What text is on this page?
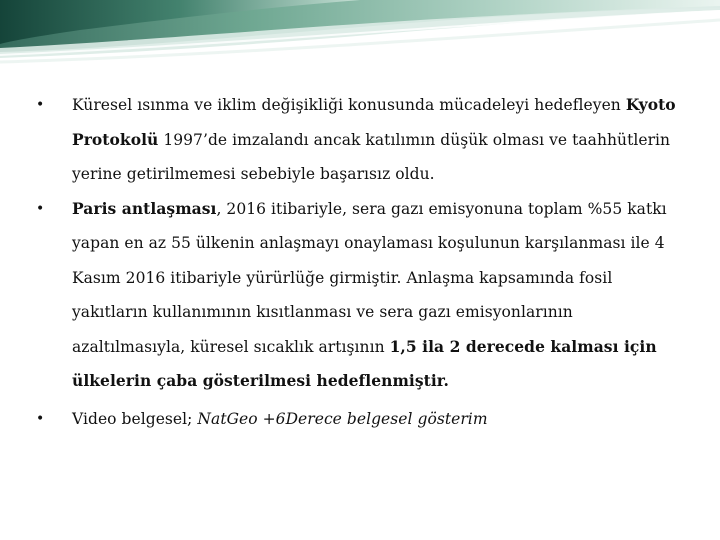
•	Küresel ısınma ve iklim değişikliği konusunda mücadeleyi hedefleyen Kyoto Protokolü 1997’de imzalandı ancak katılımın düşük olması ve taahhütlerin yerine getirilmemesi sebebiyle başarısız oldu.
•	Paris antlaşması, 2016 itibariyle, sera gazı emisyonuna toplam %55 katkı yapan en az 55 ülkenin anlaşmayı onaylaması koşulunun karşılanması ile 4 Kasım 2016 itibariyle yürürlüğe girmiştir. Anlaşma kapsamında fosil yakıtların kullanımının kısıtlanması ve sera gazı emisyonlarının azaltılmasıyla, küresel sıcaklık artışının 1,5 ila 2 derecede kalması için ülkelerin çaba gösterilmesi hedeflenmiştir.
•	Video belgesel; NatGeo +6Derece belgesel gösterim
